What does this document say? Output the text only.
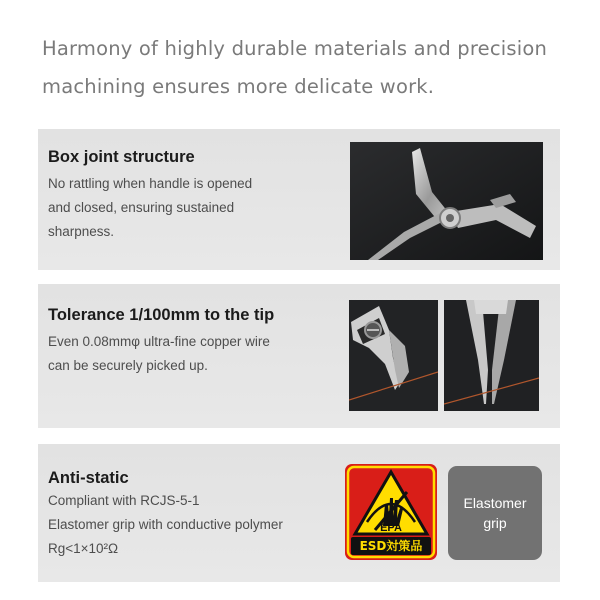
Harmony of highly durable materials and precision
machining ensures more delicate work.
Box joint structure
No rattling when handle is opened
and closed, ensuring sustained
sharpness.
Tolerance 1/100mm to the tip
Even 0.08mmφ ultra-fine copper wire
can be securely picked up.
Anti-static
Compliant with RCJS-5-1
Elastomer grip with conductive polymer
Rg<1×10²Ω
EPA
ESD対策品
Elastomer
grip
